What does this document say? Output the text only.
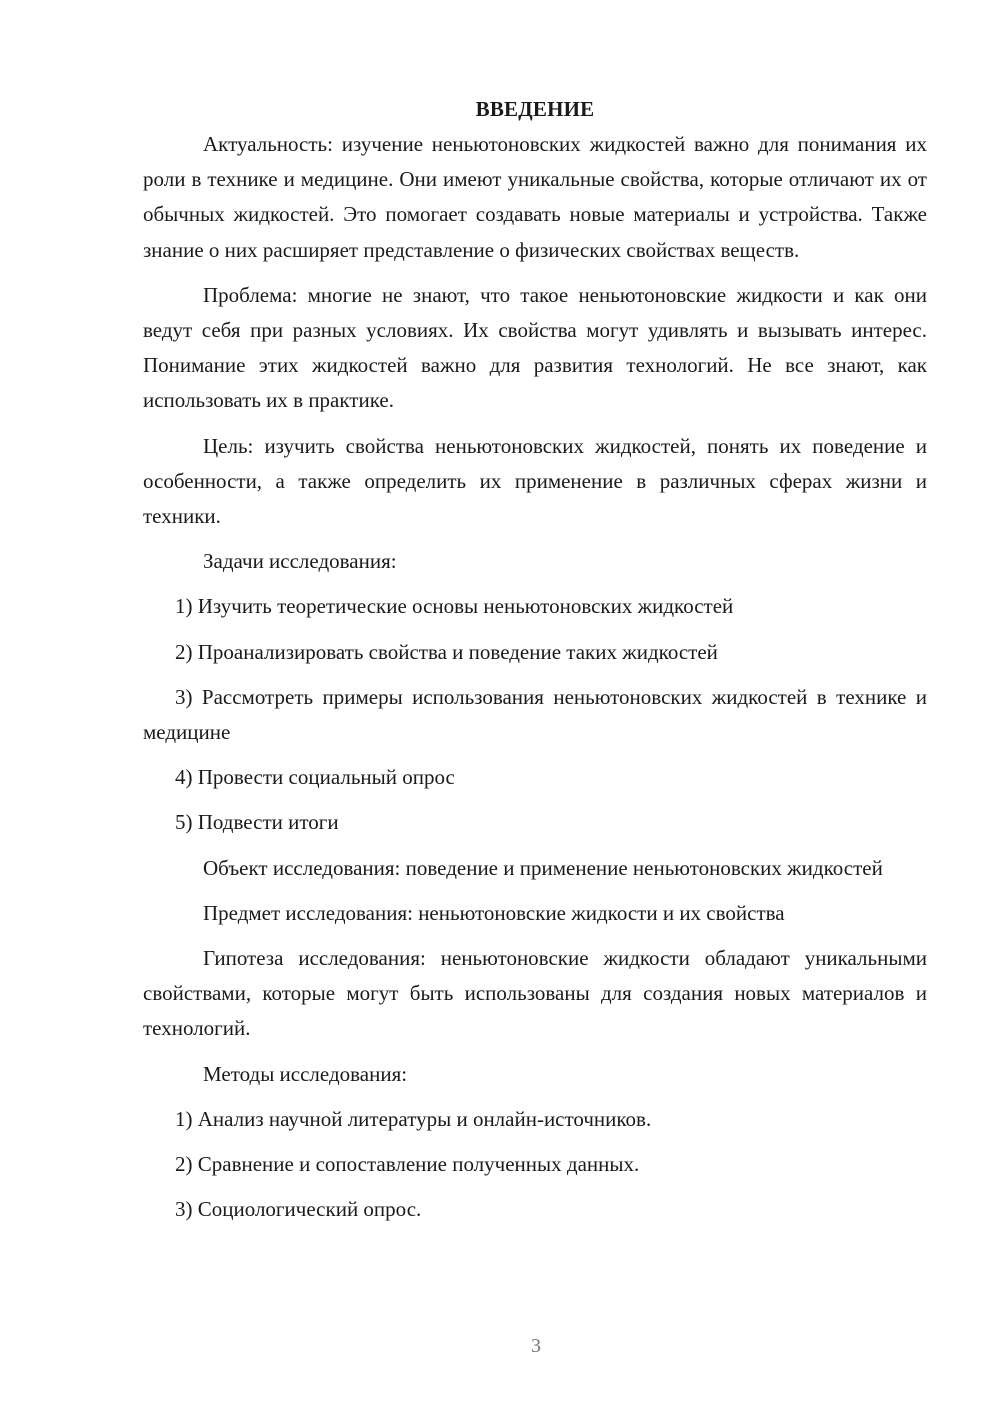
ВВЕДЕНИЕ
Актуальность: изучение неньютоновских жидкостей важно для понимания их роли в технике и медицине. Они имеют уникальные свойства, которые отличают их от обычных жидкостей. Это помогает создавать новые материалы и устройства. Также знание о них расширяет представление о физических свойствах веществ.
Проблема: многие не знают, что такое неньютоновские жидкости и как они ведут себя при разных условиях. Их свойства могут удивлять и вызывать интерес. Понимание этих жидкостей важно для развития технологий. Не все знают, как использовать их в практике.
Цель: изучить свойства неньютоновских жидкостей, понять их поведение и особенности, а также определить их применение в различных сферах жизни и техники.
Задачи исследования:
1) Изучить теоретические основы неньютоновских жидкостей
2) Проанализировать свойства и поведение таких жидкостей
3) Рассмотреть примеры использования неньютоновских жидкостей в технике и медицине
4) Провести социальный опрос
5) Подвести итоги
Объект исследования: поведение и применение неньютоновских жидкостей
Предмет исследования: неньютоновские жидкости и их свойства
Гипотеза исследования: неньютоновские жидкости обладают уникальными свойствами, которые могут быть использованы для создания новых материалов и технологий.
Методы исследования:
1) Анализ научной литературы и онлайн-источников.
2) Сравнение и сопоставление полученных данных.
3) Социологический опрос.
3
